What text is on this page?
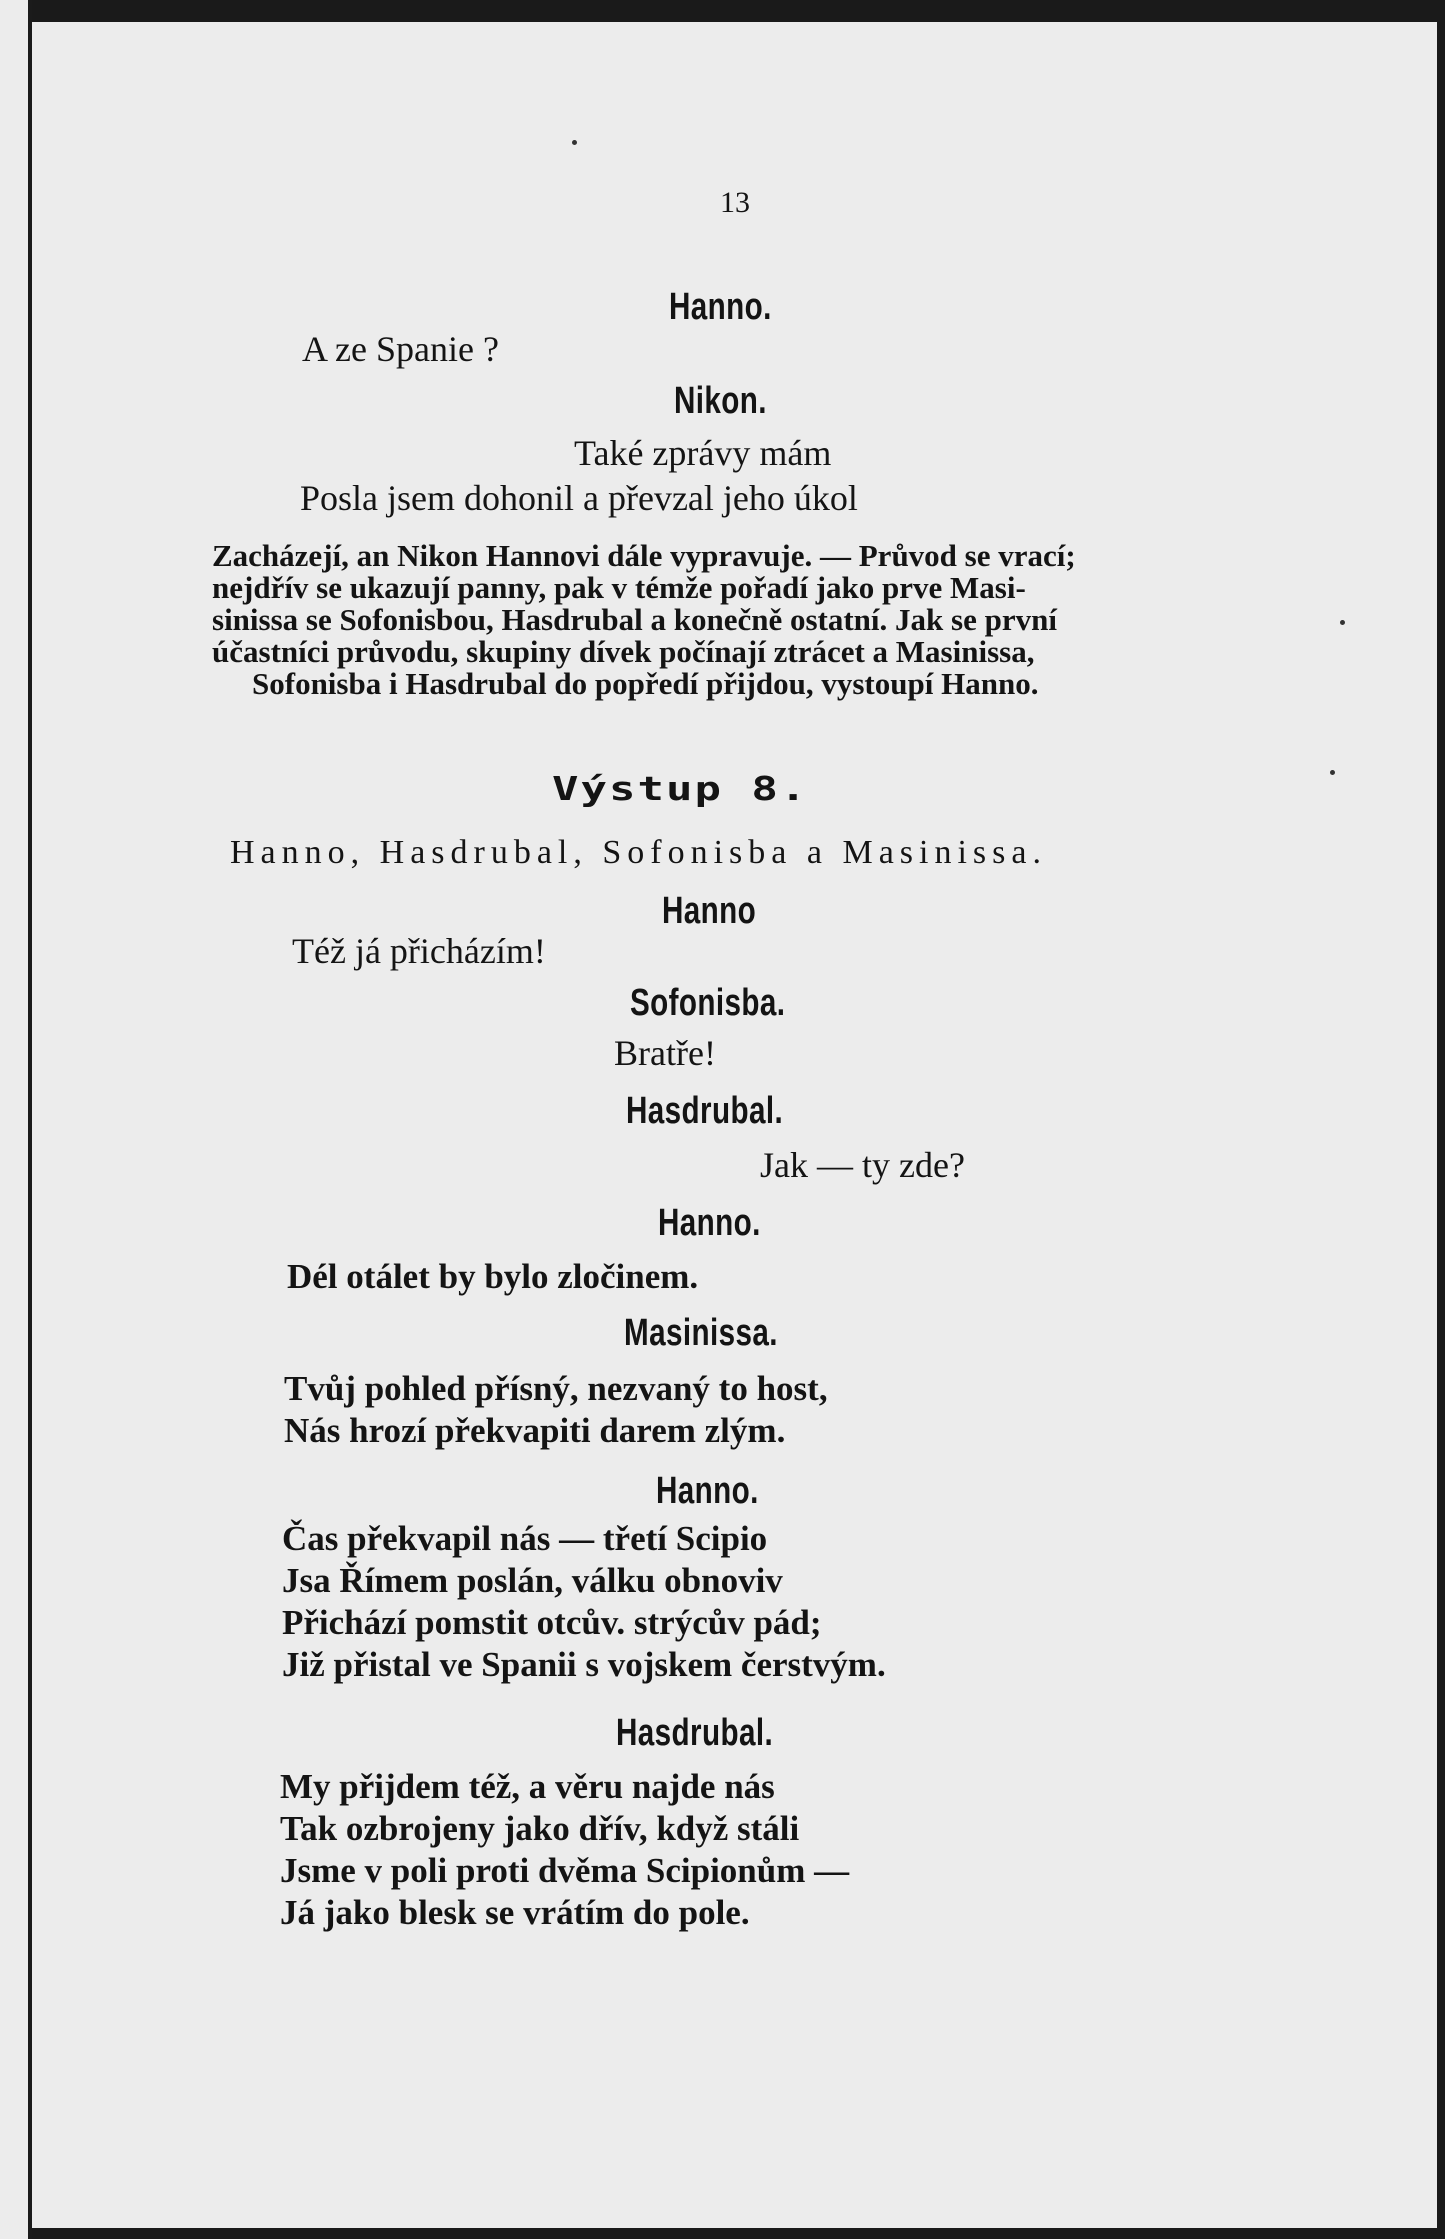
13
Hanno.
A ze Spanie ?
Nikon.
Také zprávy mám
Posla jsem dohonil a převzal jeho úkol
Zacházejí, an Nikon Hannovi dále vypravuje. — Průvod se vrací;
nejdřív se ukazují panny, pak v témže pořadí jako prve Masi-
sinissa se Sofonisbou, Hasdrubal a konečně ostatní. Jak se první
účastníci průvodu, skupiny dívek počínají ztrácet a Masinissa,
Sofonisba i Hasdrubal do popředí přijdou, vystoupí Hanno.
Výstup 8.
Hanno, Hasdrubal, Sofonisba a Masinissa.
Hanno
Též já přicházím!
Sofonisba.
Bratře!
Hasdrubal.
Jak — ty zde?
Hanno.
Dél otálet by bylo zločinem.
Masinissa.
Tvůj pohled přísný, nezvaný to host,
Nás hrozí překvapiti darem zlým.
Hanno.
Čas překvapil nás — třetí Scipio
Jsa Římem poslán, válku obnoviv
Přichází pomstit otcův. strýcův pád;
Již přistal ve Spanii s vojskem čerstvým.
Hasdrubal.
My přijdem též, a věru najde nás
Tak ozbrojeny jako dřív, když stáli
Jsme v poli proti dvěma Scipionům —
Já jako blesk se vrátím do pole.
